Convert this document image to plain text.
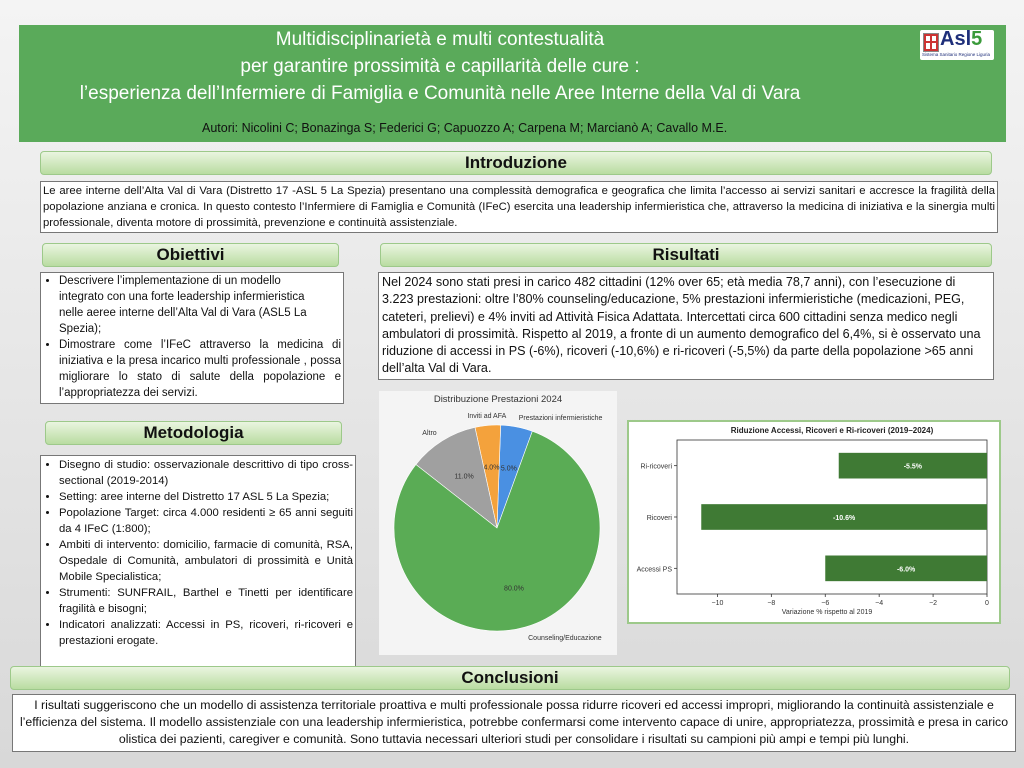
Multidisciplinarietà e multi contestualità
per garantire prossimità e capillarità delle cure :
l’esperienza dell’Infermiere di Famiglia e Comunità nelle Aree Interne della Val di Vara
Autori: Nicolini C; Bonazinga S; Federici G; Capuozzo A; Carpena M; Marcianò A; Cavallo M.E.
Asl5
Sistema Sanitario Regione Liguria
Introduzione
Le aree interne dell’Alta Val di Vara (Distretto 17 -ASL 5 La Spezia) presentano una complessità demografica e geografica che limita l’accesso ai servizi sanitari e accresce la fragilità della popolazione anziana e cronica. In questo contesto l’Infermiere di Famiglia e Comunità (IFeC) esercita una leadership infermieristica che, attraverso la medicina di iniziativa e la sinergia multi professionale, diventa motore di prossimità, prevenzione e continuità assistenziale.
Obiettivi
• Descrivere l’implementazione di un modello integrato con una forte leadership infermieristica nelle aeree interne dell’Alta Val di Vara (ASL5 La Spezia);
• Dimostrare come l’IFeC attraverso la medicina di iniziativa e la presa incarico multi professionale , possa migliorare lo stato di salute della popolazione e l’appropriatezza dei servizi.
Metodologia
• Disegno di studio: osservazionale descrittivo di tipo cross-sectional (2019-2014)
• Setting: aree interne del Distretto 17 ASL 5 La Spezia;
• Popolazione Target: circa 4.000 residenti ≥ 65 anni seguiti da 4 IFeC (1:800);
• Ambiti di intervento: domicilio, farmacie di comunità, RSA, Ospedale di Comunità, ambulatori di prossimità e Unità Mobile Specialistica;
• Strumenti: SUNFRAIL, Barthel e Tinetti per identificare fragilità e bisogni;
• Indicatori analizzati: Accessi in PS, ricoveri, ri-ricoveri e prestazioni erogate.
Risultati
Nel 2024 sono stati presi in carico 482 cittadini (12% over 65; età media 78,7 anni), con l’esecuzione di 3.223 prestazioni: oltre l’80% counseling/educazione, 5% prestazioni infermieristiche (medicazioni, PEG, cateteri, prelievi) e 4% inviti ad Attività Fisica Adattata. Intercettati circa 600 cittadini senza medico negli ambulatori di prossimità. Rispetto al 2019, a fronte di un aumento demografico del 6,4%, si è osservato una riduzione di accessi in PS (-6%), ricoveri (-10,6%) e ri-ricoveri (-5,5%) da parte della popolazione >65 anni dell’alta Val di Vara.
Distribuzione Prestazioni 2024
5.0%
Prestazioni infermieristiche
4.0%
Inviti ad AFA
11.0%
Altro
80.0%
Counseling/Educazione
Riduzione Accessi, Ricoveri e Ri-ricoveri (2019–2024)
−10	−8	−6	−4	−2	0
Variazione % rispetto al 2019
-5.5%
Ri-ricoveri
-10.6%
Ricoveri
-6.0%
Accessi PS
Conclusioni
I risultati suggeriscono che un modello di assistenza territoriale proattiva e multi professionale possa ridurre ricoveri ed accessi impropri, migliorando la continuità assistenziale e l’efficienza del sistema. Il modello assistenziale con una leadership infermieristica, potrebbe confermarsi come intervento capace di unire, appropriatezza, prossimità e presa in carico olistica dei pazienti, caregiver e comunità. Sono tuttavia necessari ulteriori studi per consolidare i risultati su campioni più ampi e tempi più lunghi.
